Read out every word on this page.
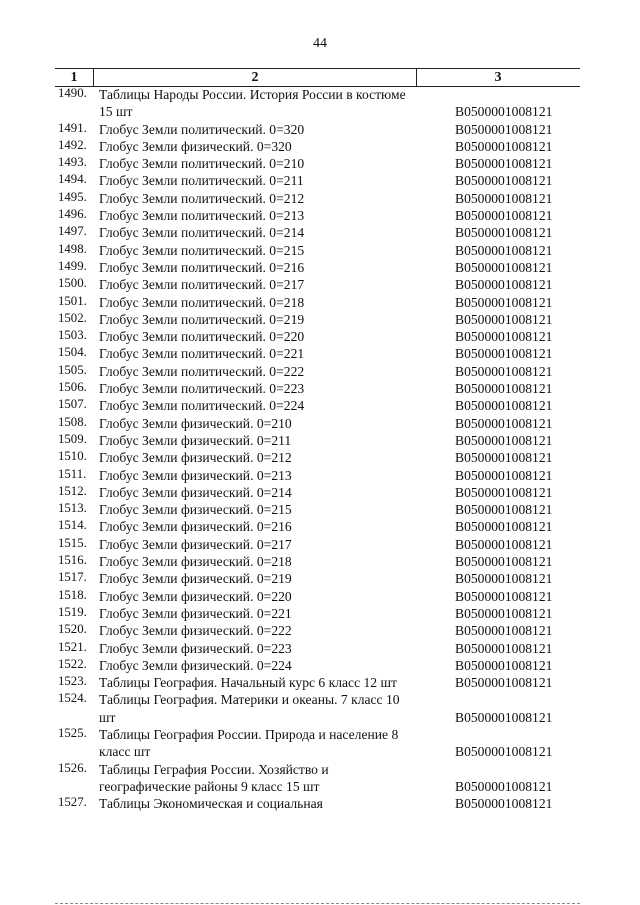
44
1	2	3
1490. Таблицы Народы России. История России в костюме 15 шт	B0500001008121
1491. Глобус Земли политический. 0=320	B0500001008121
1492. Глобус Земли физический. 0=320	B0500001008121
1493. Глобус Земли политический. 0=210	B0500001008121
1494. Глобус Земли политический. 0=211	B0500001008121
1495. Глобус Земли политический. 0=212	B0500001008121
1496. Глобус Земли политический. 0=213	B0500001008121
1497. Глобус Земли политический. 0=214	B0500001008121
1498. Глобус Земли политический. 0=215	B0500001008121
1499. Глобус Земли политический. 0=216	B0500001008121
1500. Глобус Земли политический. 0=217	B0500001008121
1501. Глобус Земли политический. 0=218	B0500001008121
1502. Глобус Земли политический. 0=219	B0500001008121
1503. Глобус Земли политический. 0=220	B0500001008121
1504. Глобус Земли политический. 0=221	B0500001008121
1505. Глобус Земли политический. 0=222	B0500001008121
1506. Глобус Земли политический. 0=223	B0500001008121
1507. Глобус Земли политический. 0=224	B0500001008121
1508. Глобус Земли физический. 0=210	B0500001008121
1509. Глобус Земли физический. 0=211	B0500001008121
1510. Глобус Земли физический. 0=212	B0500001008121
1511. Глобус Земли физический. 0=213	B0500001008121
1512. Глобус Земли физический. 0=214	B0500001008121
1513. Глобус Земли физический. 0=215	B0500001008121
1514. Глобус Земли физический. 0=216	B0500001008121
1515. Глобус Земли физический. 0=217	B0500001008121
1516. Глобус Земли физический. 0=218	B0500001008121
1517. Глобус Земли физический. 0=219	B0500001008121
1518. Глобус Земли физический. 0=220	B0500001008121
1519. Глобус Земли физический. 0=221	B0500001008121
1520. Глобус Земли физический. 0=222	B0500001008121
1521. Глобус Земли физический. 0=223	B0500001008121
1522. Глобус Земли физический. 0=224	B0500001008121
1523. Таблицы География. Начальный курс 6 класс 12 шт	B0500001008121
1524. Таблицы География. Материки и океаны. 7 класс 10 шт	B0500001008121
1525. Таблицы География России. Природа и население 8 класс шт	B0500001008121
1526. Таблицы Геграфия России. Хозяйство и географические районы 9 класс 15 шт	B0500001008121
1527. Таблицы Экономическая и социальная	B0500001008121
